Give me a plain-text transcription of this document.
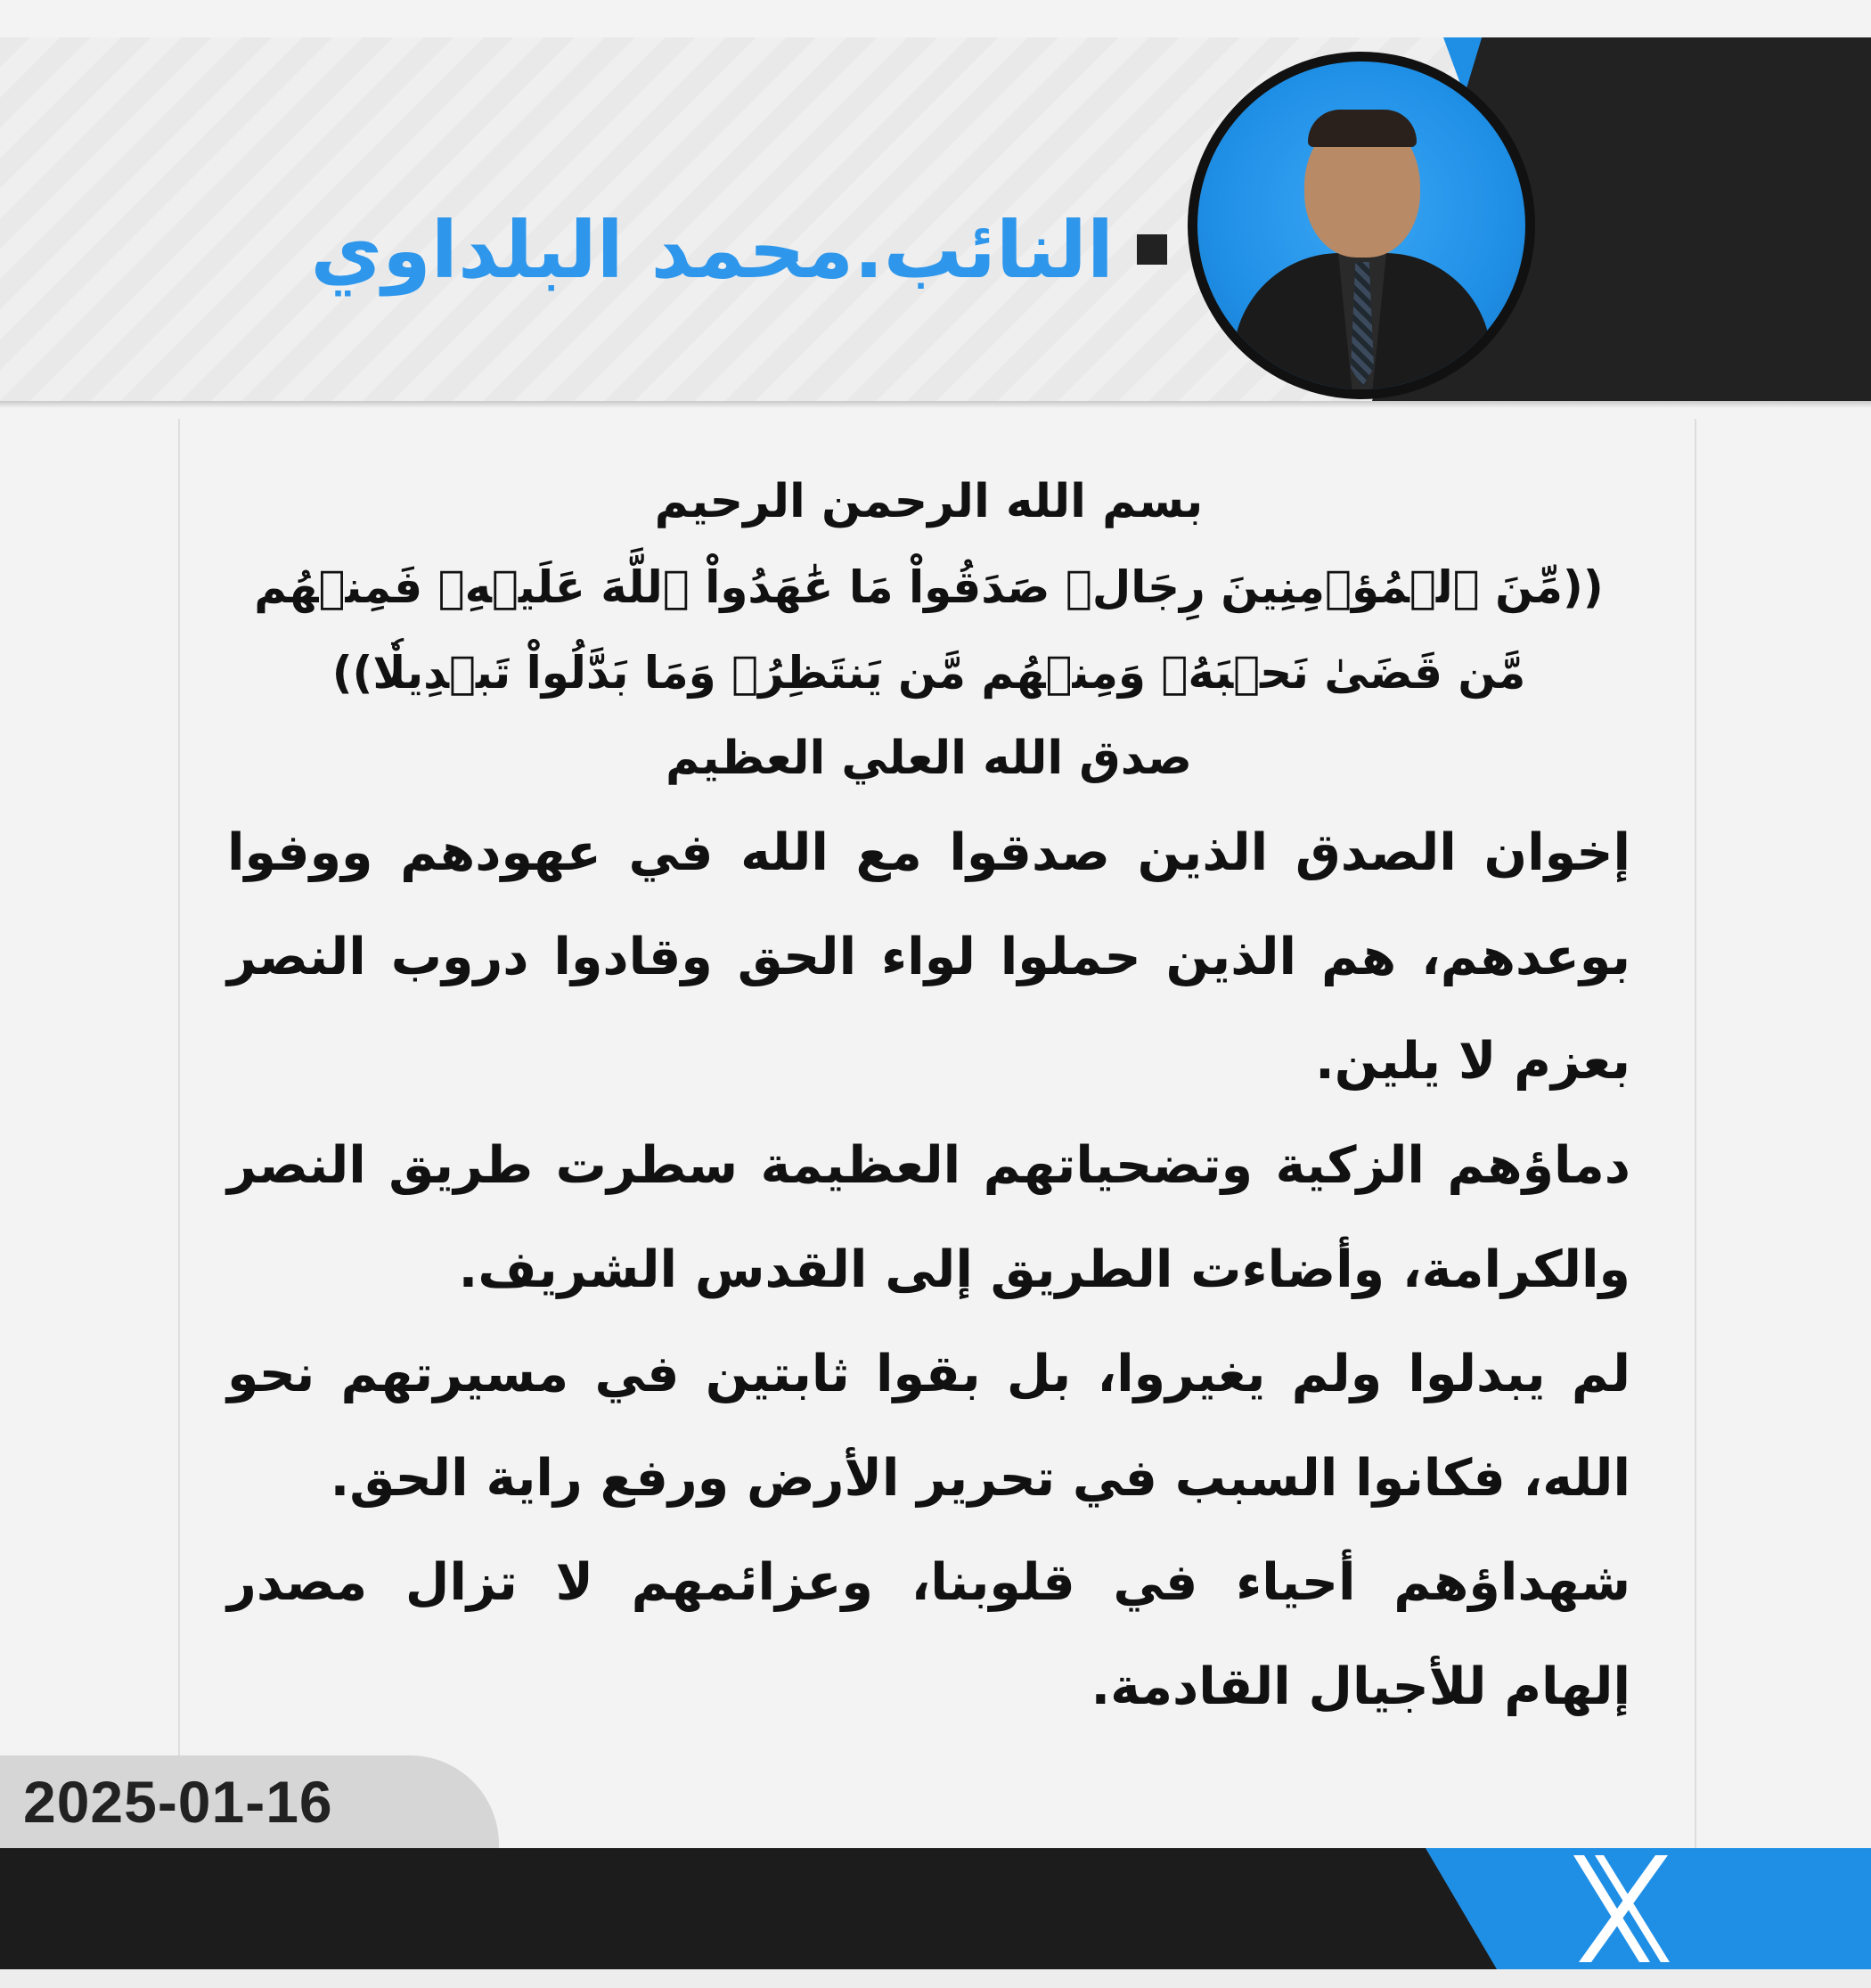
النائب.محمد البلداوي
بسم الله الرحمن الرحيم
((مِّنَ ٱلۡمُؤۡمِنِينَ رِجَالٞ صَدَقُواْ مَا عَٰهَدُواْ ٱللَّهَ عَلَيۡهِۖ فَمِنۡهُم
مَّن قَضَىٰ نَحۡبَهُۥ وَمِنۡهُم مَّن يَنتَظِرُۖ وَمَا بَدَّلُواْ تَبۡدِيلٗا))
صدق الله العلي العظيم
إخوان الصدق الذين صدقوا مع الله في عهودهم ووفوا بوعدهم، هم الذين حملوا لواء الحق وقادوا دروب النصر بعزم لا يلين.
دماؤهم الزكية وتضحياتهم العظيمة سطرت طريق النصر والكرامة، وأضاءت الطريق إلى القدس الشريف.
لم يبدلوا ولم يغيروا، بل بقوا ثابتين في مسيرتهم نحو الله، فكانوا السبب في تحرير الأرض ورفع راية الحق.
شهداؤهم أحياء في قلوبنا، وعزائمهم لا تزال مصدر إلهام للأجيال القادمة.
2025-01-16
